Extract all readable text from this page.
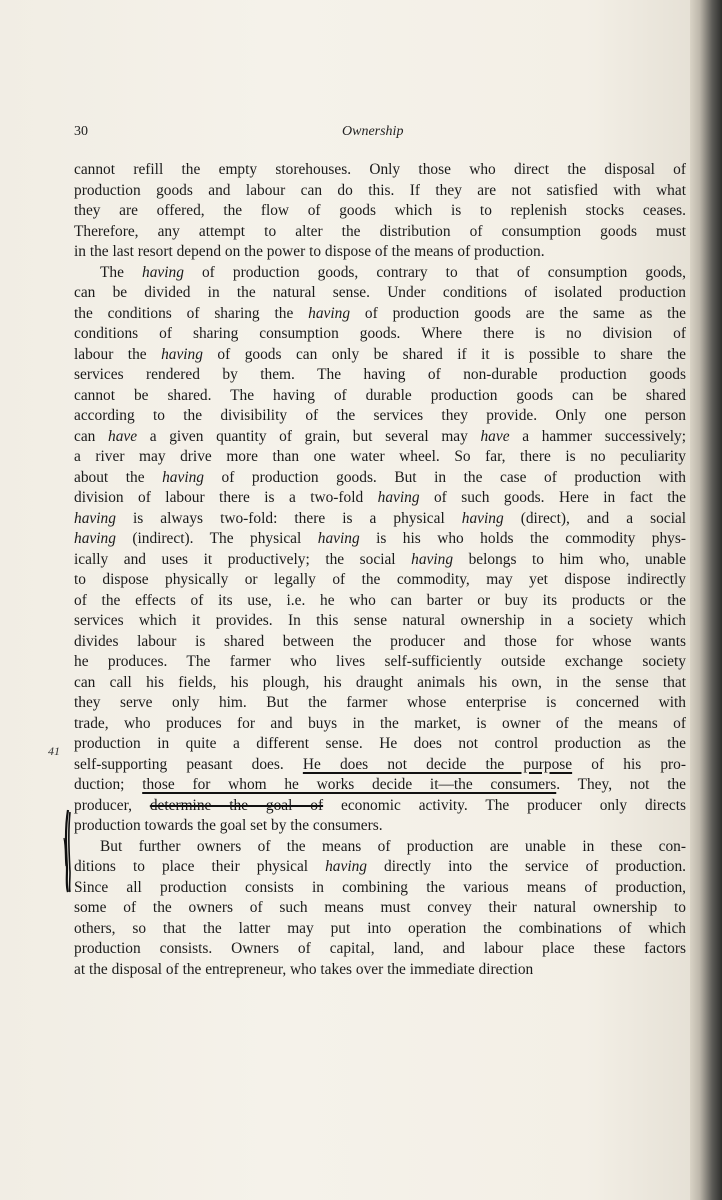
30	Ownership
41
cannot refill the empty storehouses. Only those who direct the disposal of
production goods and labour can do this. If they are not satisfied with what
they are offered, the flow of goods which is to replenish stocks ceases.
Therefore, any attempt to alter the distribution of consumption goods must
in the last resort depend on the power to dispose of the means of production.
The having of production goods, contrary to that of consumption goods,
can be divided in the natural sense. Under conditions of isolated production
the conditions of sharing the having of production goods are the same as the
conditions of sharing consumption goods. Where there is no division of
labour the having of goods can only be shared if it is possible to share the
services rendered by them. The having of non-durable production goods
cannot be shared. The having of durable production goods can be shared
according to the divisibility of the services they provide. Only one person
can have a given quantity of grain, but several may have a hammer successively;
a river may drive more than one water wheel. So far, there is no peculiarity
about the having of production goods. But in the case of production with
division of labour there is a two-fold having of such goods. Here in fact the
having is always two-fold: there is a physical having (direct), and a social
having (indirect). The physical having is his who holds the commodity phys-
ically and uses it productively; the social having belongs to him who, unable
to dispose physically or legally of the commodity, may yet dispose indirectly
of the effects of its use, i.e. he who can barter or buy its products or the
services which it provides. In this sense natural ownership in a society which
divides labour is shared between the producer and those for whose wants
he produces. The farmer who lives self-sufficiently outside exchange society
can call his fields, his plough, his draught animals his own, in the sense that
they serve only him. But the farmer whose enterprise is concerned with
trade, who produces for and buys in the market, is owner of the means of
production in quite a different sense. He does not control production as the
self-supporting peasant does. He does not decide the purpose of his pro-
duction; those for whom he works decide it—the consumers. They, not the
producer, determine the goal of economic activity. The producer only directs
production towards the goal set by the consumers.
But further owners of the means of production are unable in these con-
ditions to place their physical having directly into the service of production.
Since all production consists in combining the various means of production,
some of the owners of such means must convey their natural ownership to
others, so that the latter may put into operation the combinations of which
production consists. Owners of capital, land, and labour place these factors
at the disposal of the entrepreneur, who takes over the immediate direction
